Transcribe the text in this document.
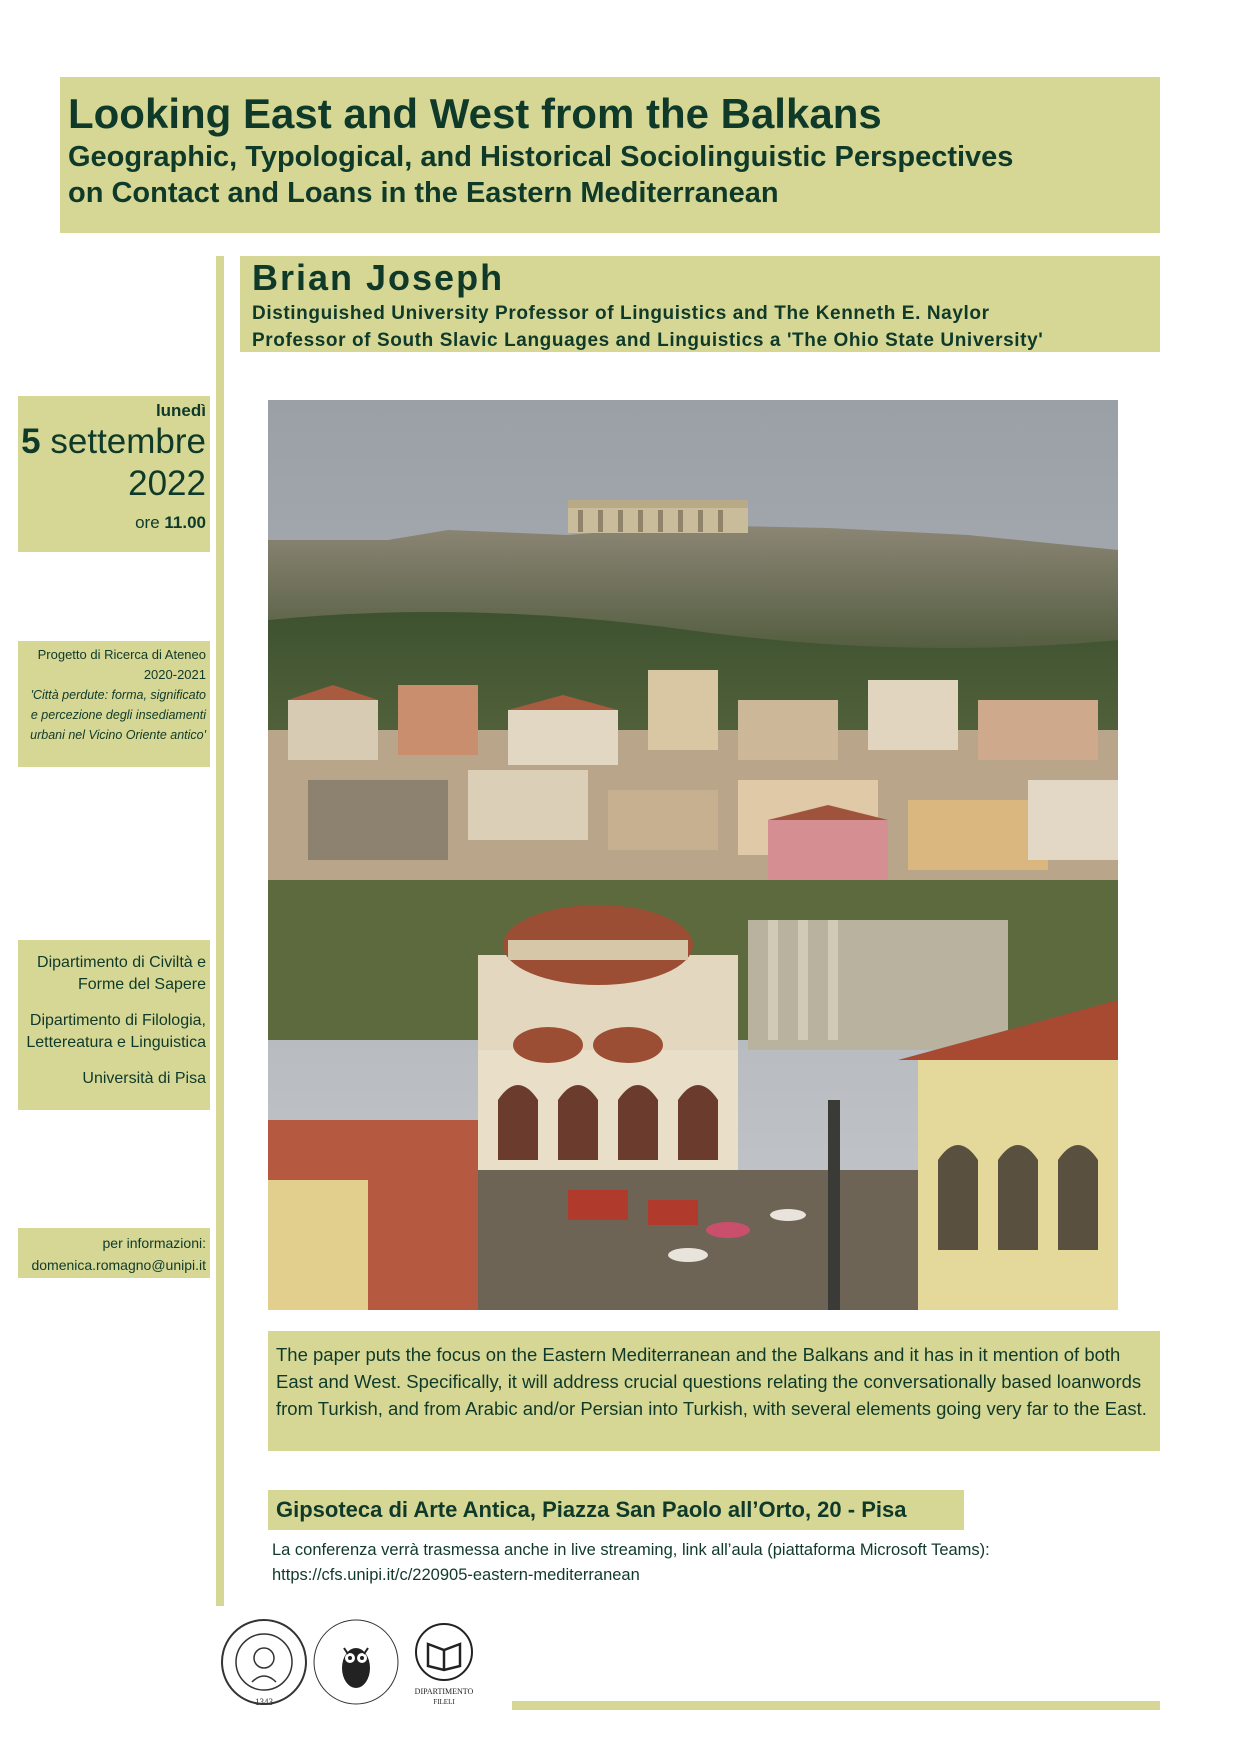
Looking East and West from the Balkans
Geographic, Typological, and Historical Sociolinguistic Perspectives
on Contact and Loans in the Eastern Mediterranean
Brian Joseph
Distinguished University Professor of Linguistics and The Kenneth E. Naylor
Professor of South Slavic Languages and Linguistics a 'The Ohio State University'
lunedì
5 settembre
2022
ore 11.00
Progetto di Ricerca di Ateneo
2020-2021
'Città perdute: forma, significato
e percezione degli insediamenti
urbani nel Vicino Oriente antico'

Dipartimento di Civiltà e
Forme del Sapere

Dipartimento di Filologia,
Lettereatura e Linguistica

Università di Pisa

per informazioni:
domenica.romagno@unipi.it
The paper puts the focus on the Eastern Mediterranean and the Balkans and it has in it mention of both East and West. Specifically, it will address crucial questions relating the conversationally based loanwords from Turkish, and from Arabic and/or Persian into Turkish, with several elements going very far to the East.
Gipsoteca di Arte Antica, Piazza San Paolo all’Orto, 20 - Pisa
La conferenza verrà trasmessa anche in live streaming, link all’aula (piattaforma Microsoft Teams):
https://cfs.unipi.it/c/220905-eastern-mediterranean
1343
DIPARTIMENTO
FILELI
